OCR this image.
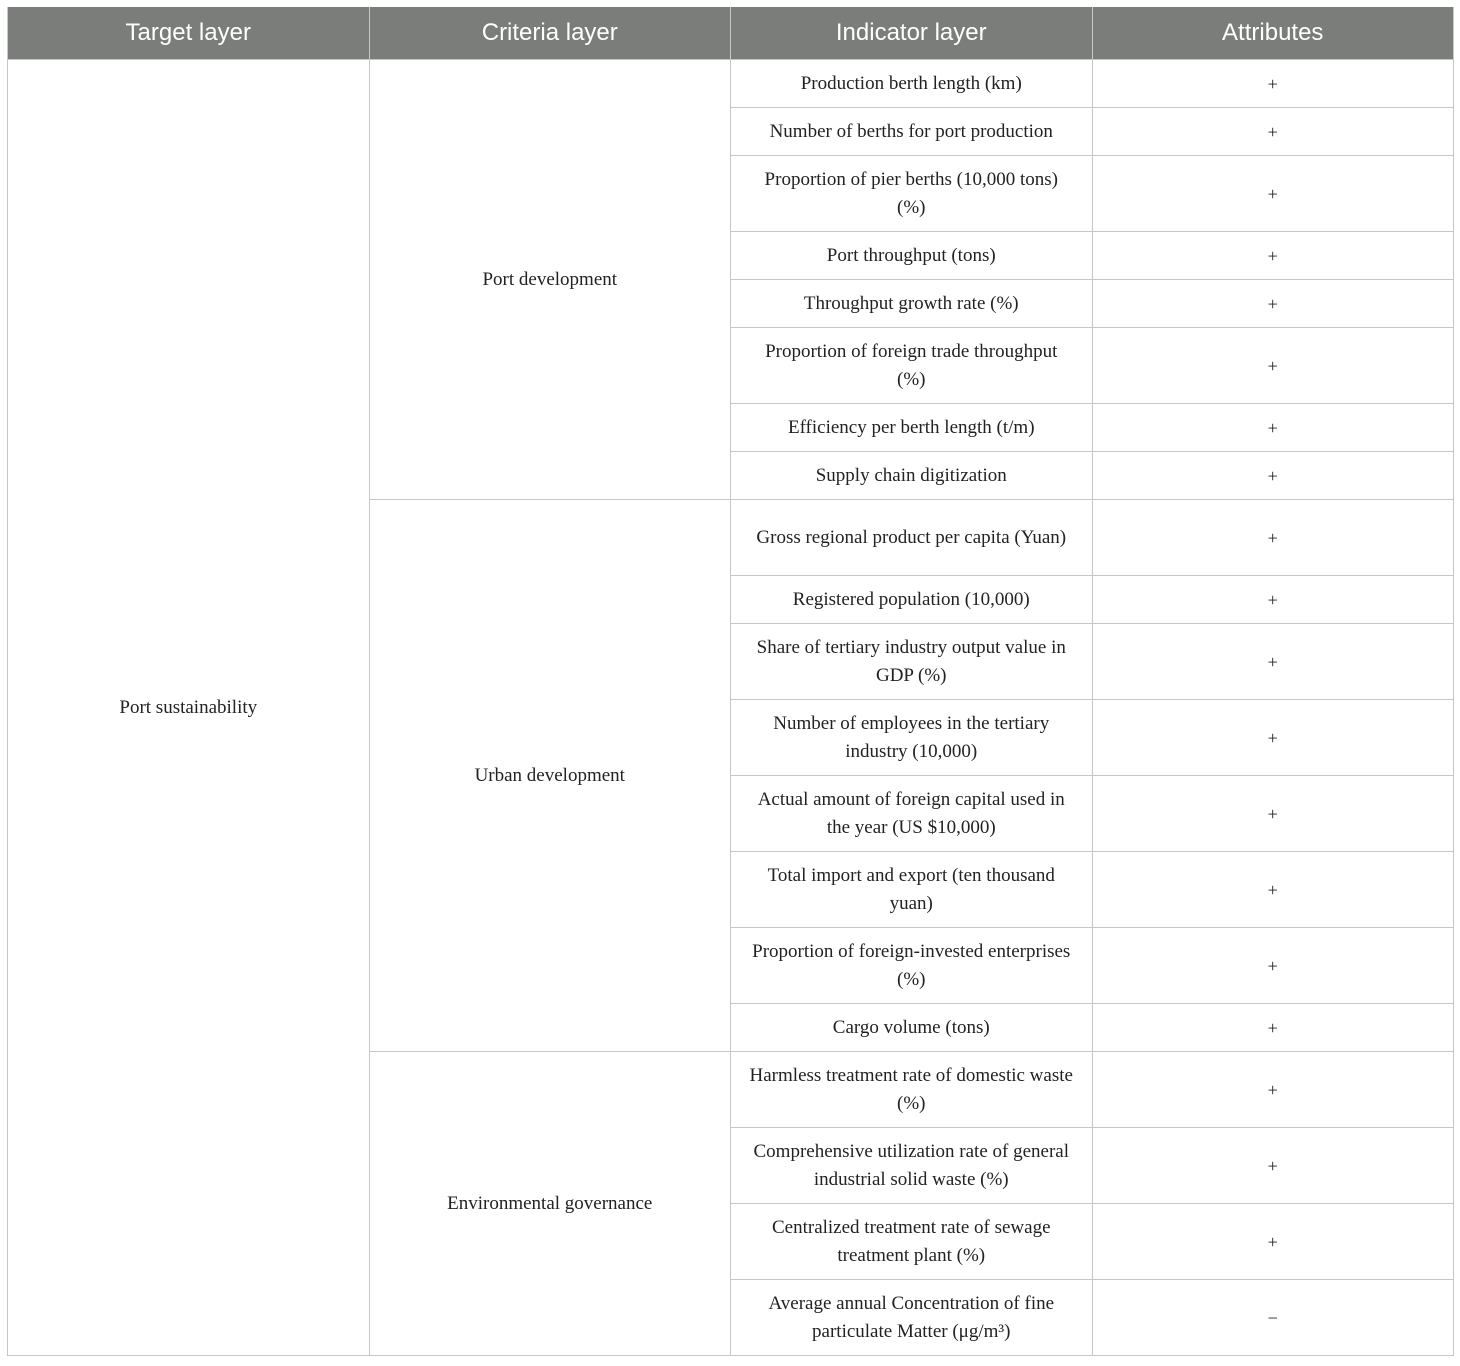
Target layer	Criteria layer	Indicator layer	Attributes
Port sustainability	Port development	Production berth length (km)	+
		Number of berths for port production	+
		Proportion of pier berths (10,000 tons) (%)	+
		Port throughput (tons)	+
		Throughput growth rate (%)	+
		Proportion of foreign trade throughput (%)	+
		Efficiency per berth length (t/m)	+
		Supply chain digitization	+
	Urban development	Gross regional product per capita (Yuan)	+
		Registered population (10,000)	+
		Share of tertiary industry output value in GDP (%)	+
		Number of employees in the tertiary industry (10,000)	+
		Actual amount of foreign capital used in the year (US $10,000)	+
		Total import and export (ten thousand yuan)	+
		Proportion of foreign-invested enterprises (%)	+
		Cargo volume (tons)	+
	Environmental governance	Harmless treatment rate of domestic waste (%)	+
		Comprehensive utilization rate of general industrial solid waste (%)	+
		Centralized treatment rate of sewage treatment plant (%)	+
		Average annual Concentration of fine particulate Matter (μg/m³)	−
